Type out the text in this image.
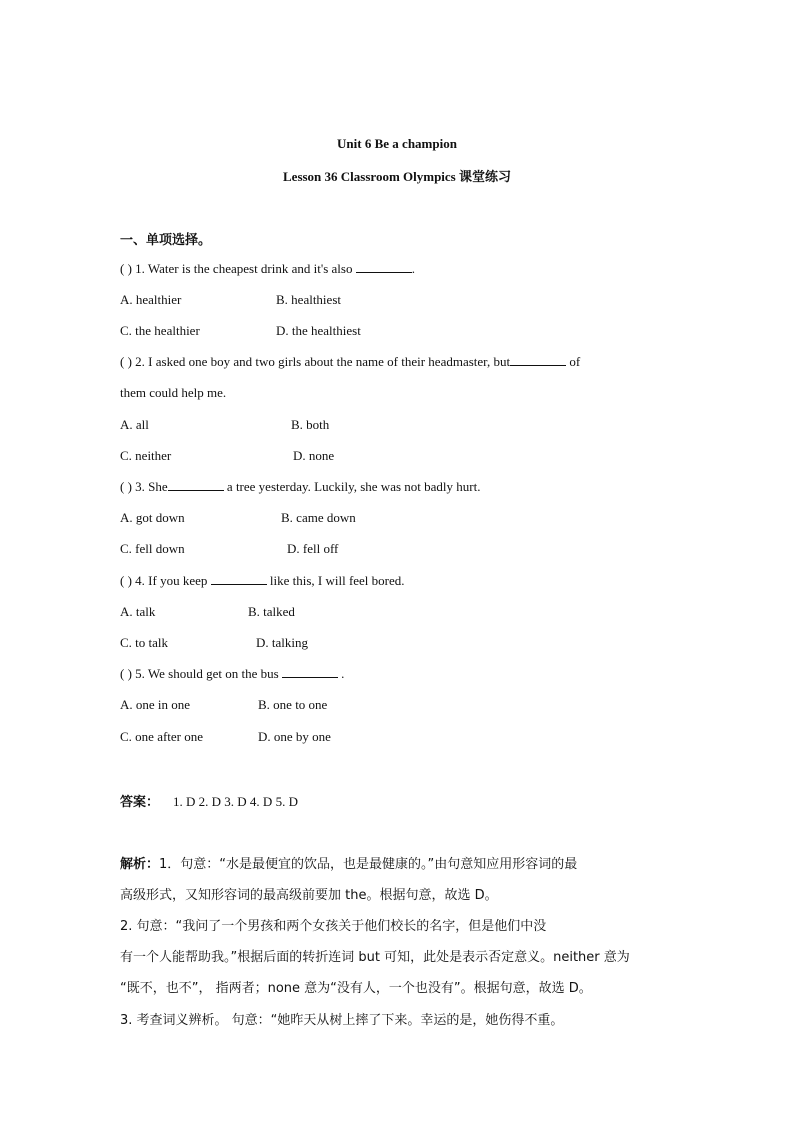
Unit 6 Be a champion
Lesson 36 Classroom Olympics 课堂练习
一、单项选择。
( ) 1. Water is the cheapest drink and it's also	.
A. healthier	B. healthiest
C. the healthier	D. the healthiest
( ) 2. I asked one boy and two girls about the name of their headmaster, but	of
them could help me.
A. all	B. both
C. neither	D. none
( ) 3. She	a tree yesterday. Luckily, she was not badly hurt.
A. got down	B. came down
C. fell down	D. fell off
( ) 4. If you keep	like this, I will feel bored.
A. talk	B. talked
C. to talk	D. talking
( ) 5. We should get on the bus	.
A. one in one	B. one to one
C. one after one	D. one by one
答案： 1. D 2. D 3. D 4. D 5. D
解析：1．句意：“水是最便宜的饮品，也是最健康的。”由句意知应用形容词的最
高级形式，又知形容词的最高级前要加 the。根据句意，故选 D。
2. 句意：“我问了一个男孩和两个女孩关于他们校长的名字，但是他们中没
有一个人能帮助我。”根据后面的转折连词 but 可知，此处是表示否定意义。neither 意为
“既不，也不”， 指两者；none 意为“没有人，一个也没有”。根据句意，故选 D。
3. 考查词义辨析。 句意：“她昨天从树上摔了下来。幸运的是，她伤得不重。
